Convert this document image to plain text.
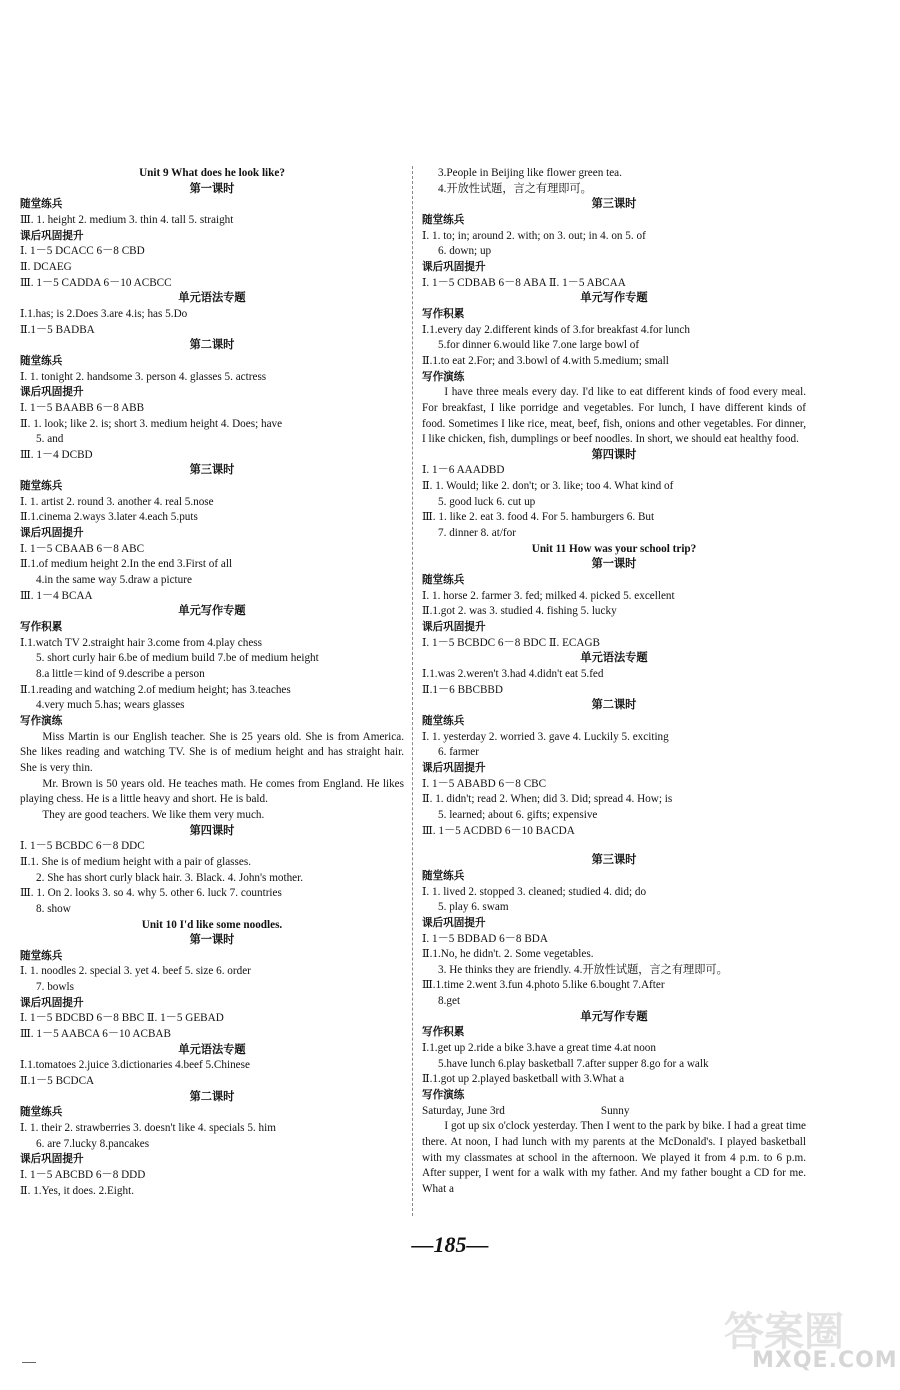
Unit 9 What does he look like?
第一课时
随堂练兵
Ⅲ. 1. height 2. medium 3. thin 4. tall 5. straight
课后巩固提升
Ⅰ. 1－5 DCACC 6－8 CBD
Ⅱ. DCAEG
Ⅲ. 1－5 CADDA 6－10 ACBCC
单元语法专题
Ⅰ.1.has; is 2.Does 3.are 4.is; has 5.Do
Ⅱ.1－5 BADBA
第二课时
随堂练兵
Ⅰ. 1. tonight 2. handsome 3. person 4. glasses 5. actress
课后巩固提升
Ⅰ. 1－5 BAABB 6－8 ABB
Ⅱ. 1. look; like 2. is; short 3. medium height 4. Does; have
5. and
Ⅲ. 1－4 DCBD
第三课时
随堂练兵
Ⅰ. 1. artist 2. round 3. another 4. real 5.nose
Ⅱ.1.cinema 2.ways 3.later 4.each 5.puts
课后巩固提升
Ⅰ. 1－5 CBAAB 6－8 ABC
Ⅱ.1.of medium height 2.In the end 3.First of all
4.in the same way 5.draw a picture
Ⅲ. 1－4 BCAA
单元写作专题
写作积累
Ⅰ.1.watch TV 2.straight hair 3.come from 4.play chess
5. short curly hair 6.be of medium build 7.be of medium height
8.a little＝kind of 9.describe a person
Ⅱ.1.reading and watching 2.of medium height; has 3.teaches
4.very much 5.has; wears glasses
写作演练
Miss Martin is our English teacher. She is 25 years old. She is from America. She likes reading and watching TV. She is of medium height and has straight hair. She is very thin.
Mr. Brown is 50 years old. He teaches math. He comes from England. He likes playing chess. He is a little heavy and short. He is bald.
They are good teachers. We like them very much.
第四课时
Ⅰ. 1－5 BCBDC 6－8 DDC
Ⅱ.1. She is of medium height with a pair of glasses.
2. She has short curly black hair. 3. Black. 4. John's mother.
Ⅲ. 1. On 2. looks 3. so 4. why 5. other 6. luck 7. countries
8. show
Unit 10 I'd like some noodles.
第一课时
随堂练兵
Ⅰ. 1. noodles 2. special 3. yet 4. beef 5. size 6. order
7. bowls
课后巩固提升
Ⅰ. 1－5 BDCBD 6－8 BBC Ⅱ. 1－5 GEBAD
Ⅲ. 1－5 AABCA 6－10 ACBAB
单元语法专题
Ⅰ.1.tomatoes 2.juice 3.dictionaries 4.beef 5.Chinese
Ⅱ.1－5 BCDCA
第二课时
随堂练兵
Ⅰ. 1. their 2. strawberries 3. doesn't like 4. specials 5. him
6. are 7.lucky 8.pancakes
课后巩固提升
Ⅰ. 1－5 ABCBD 6－8 DDD
Ⅱ. 1.Yes, it does. 2.Eight.
3.People in Beijing like flower green tea.
4.开放性试题，言之有理即可。
第三课时
随堂练兵
Ⅰ. 1. to; in; around 2. with; on 3. out; in 4. on 5. of
6. down; up
课后巩固提升
Ⅰ. 1－5 CDBAB 6－8 ABA Ⅱ. 1－5 ABCAA
单元写作专题
写作积累
Ⅰ.1.every day 2.different kinds of 3.for breakfast 4.for lunch
5.for dinner 6.would like 7.one large bowl of
Ⅱ.1.to eat 2.For; and 3.bowl of 4.with 5.medium; small
写作演练
I have three meals every day. I'd like to eat different kinds of food every meal. For breakfast, I like porridge and vegetables. For lunch, I have different kinds of food. Sometimes I like rice, meat, beef, fish, onions and other vegetables. For dinner, I like chicken, fish, dumplings or beef noodles. In short, we should eat healthy food.
第四课时
Ⅰ. 1－6 AAADBD
Ⅱ. 1. Would; like 2. don't; or 3. like; too 4. What kind of
5. good luck 6. cut up
Ⅲ. 1. like 2. eat 3. food 4. For 5. hamburgers 6. But
7. dinner 8. at/for
Unit 11 How was your school trip?
第一课时
随堂练兵
Ⅰ. 1. horse 2. farmer 3. fed; milked 4. picked 5. excellent
Ⅱ.1.got 2. was 3. studied 4. fishing 5. lucky
课后巩固提升
Ⅰ. 1－5 BCBDC 6－8 BDC Ⅱ. ECAGB
单元语法专题
Ⅰ.1.was 2.weren't 3.had 4.didn't eat 5.fed
Ⅱ.1－6 BBCBBD
第二课时
随堂练兵
Ⅰ. 1. yesterday 2. worried 3. gave 4. Luckily 5. exciting
6. farmer
课后巩固提升
Ⅰ. 1－5 ABABD 6－8 CBC
Ⅱ. 1. didn't; read 2. When; did 3. Did; spread 4. How; is
5. learned; about 6. gifts; expensive
Ⅲ. 1－5 ACDBD 6－10 BACDA
第三课时
随堂练兵
Ⅰ. 1. lived 2. stopped 3. cleaned; studied 4. did; do
5. play 6. swam
课后巩固提升
Ⅰ. 1－5 BDBAD 6－8 BDA
Ⅱ.1.No, he didn't. 2. Some vegetables.
3. He thinks they are friendly. 4.开放性试题，言之有理即可。
Ⅲ.1.time 2.went 3.fun 4.photo 5.like 6.bought 7.After
8.get
单元写作专题
写作积累
Ⅰ.1.get up 2.ride a bike 3.have a great time 4.at noon
5.have lunch 6.play basketball 7.after supper 8.go for a walk
Ⅱ.1.got up 2.played basketball with 3.What a
写作演练
Saturday, June 3rd	Sunny
I got up six o'clock yesterday. Then I went to the park by bike. I had a great time there. At noon, I had lunch with my parents at the McDonald's. I played basketball with my classmates at school in the afternoon. We played it from 4 p.m. to 6 p.m. After supper, I went for a walk with my father. And my father bought a CD for me. What a
—185—
答案圈
MXQE.COM
